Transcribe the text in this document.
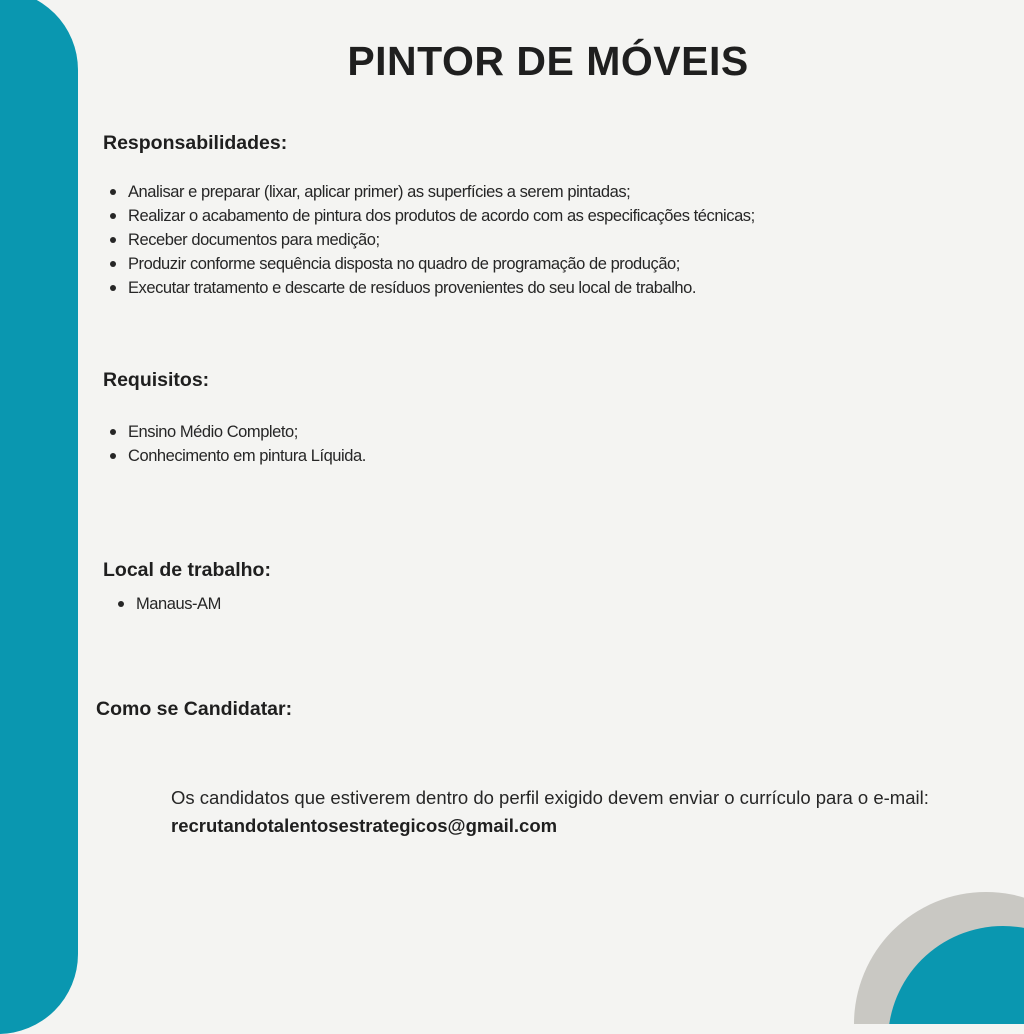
PINTOR DE MÓVEIS
Responsabilidades:
Analisar e preparar (lixar, aplicar primer) as superfícies a serem pintadas;
Realizar o acabamento de pintura dos produtos de acordo com as especificações técnicas;
Receber documentos para medição;
Produzir conforme sequência disposta no quadro de programação de produção;
Executar tratamento e descarte de resíduos provenientes do seu local de trabalho.
Requisitos:
Ensino Médio Completo;
Conhecimento em pintura Líquida.
Local de trabalho:
Manaus-AM
Como se Candidatar:

Os candidatos que estiverem dentro do perfil exigido devem enviar o currículo para o e-mail: recrutandotalentosestrategicos@gmail.com
